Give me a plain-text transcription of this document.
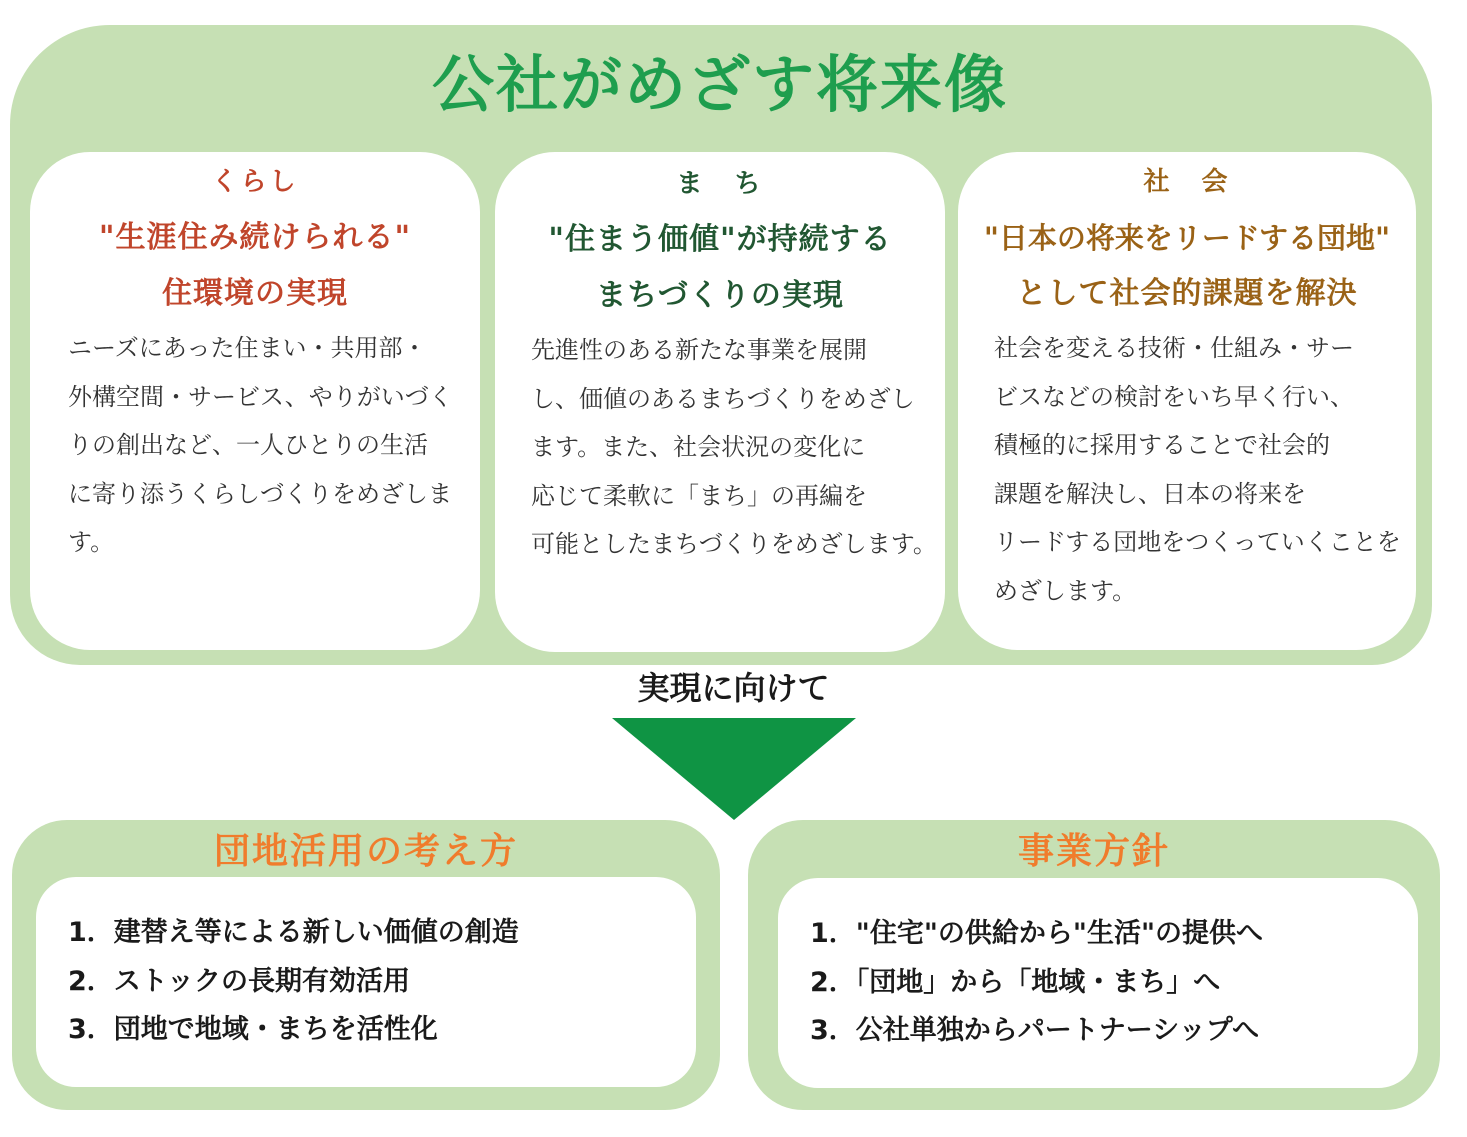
公社がめざす将来像
くらし
"生涯住み続けられる"
住環境の実現
ニーズにあった住まい・共用部・
外構空間・サービス、やりがいづく
りの創出など、一人ひとりの生活
に寄り添うくらしづくりをめざします。
ま　ち
"住まう価値"が持続する
まちづくりの実現
先進性のある新たな事業を展開
し、価値のあるまちづくりをめざし
ます。また、社会状況の変化に
応じて柔軟に「まち」の再編を
可能としたまちづくりをめざします。
社　会
"日本の将来をリードする団地"
として社会的課題を解決
社会を変える技術・仕組み・サー
ビスなどの検討をいち早く行い、
積極的に採用することで社会的
課題を解決し、日本の将来を
リードする団地をつくっていくことを
めざします。
実現に向けて
団地活用の考え方
1．建替え等による新しい価値の創造
2．ストックの長期有効活用
3．団地で地域・まちを活性化
事業方針
1．"住宅"の供給から"生活"の提供へ
2．「団地」から「地域・まち」へ
3．公社単独からパートナーシップへ
